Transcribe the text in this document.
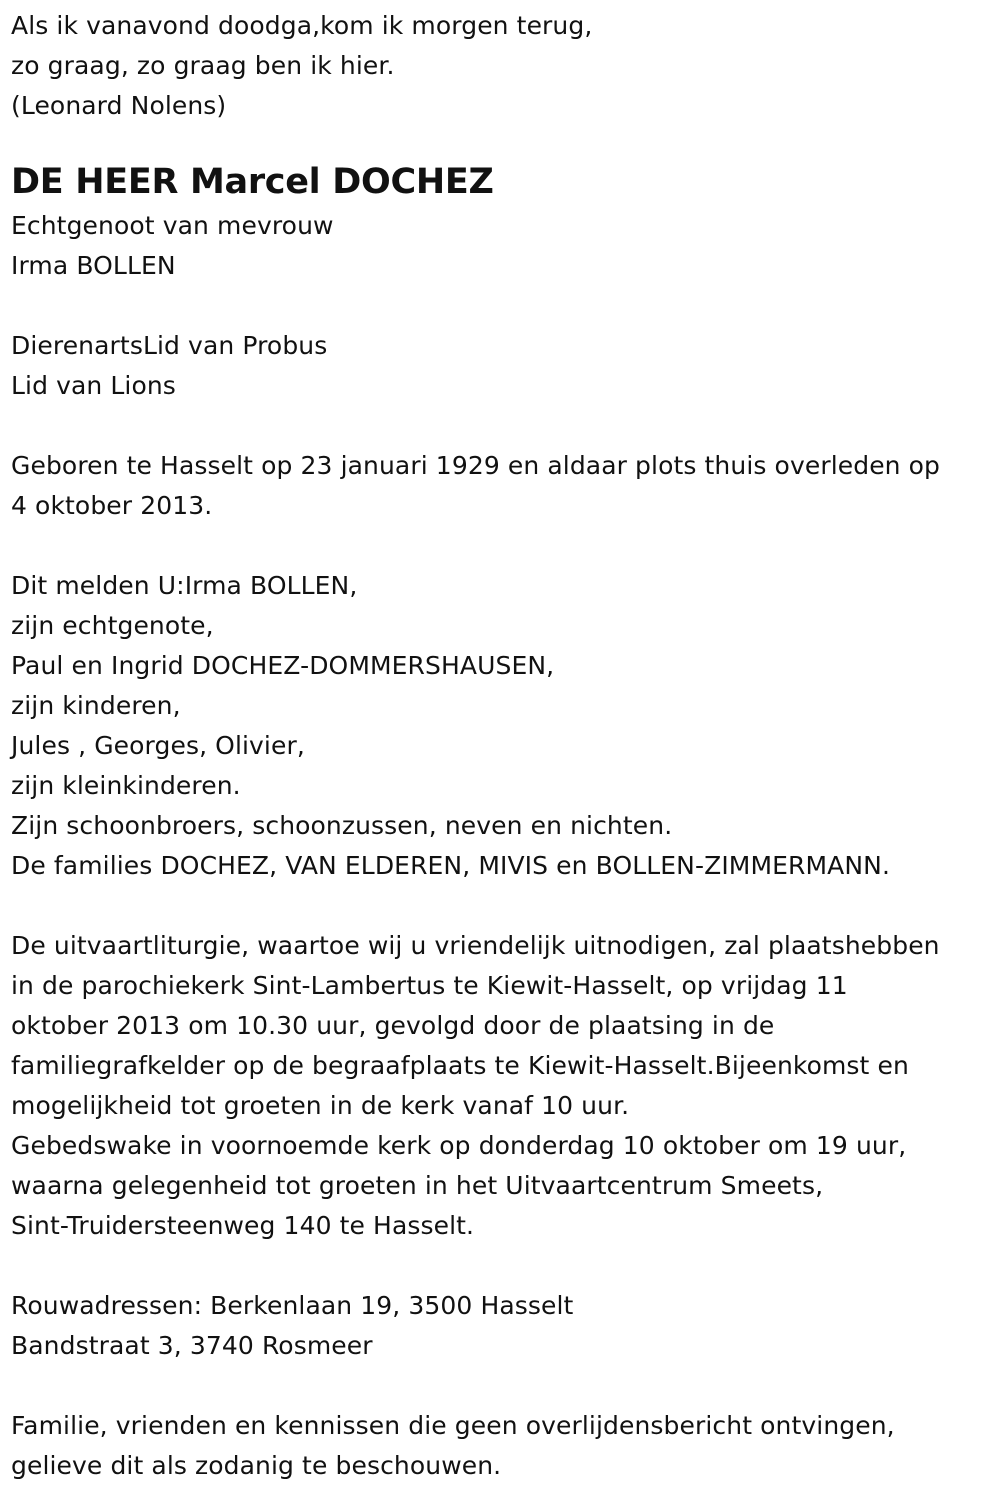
Als ik vanavond doodga,kom ik morgen terug,
zo graag, zo graag ben ik hier.
(Leonard Nolens)
DE HEER Marcel DOCHEZ
Echtgenoot van mevrouw
Irma BOLLEN
DierenartsLid van Probus
Lid van Lions
Geboren te Hasselt op 23 januari 1929 en aldaar plots thuis overleden op
4 oktober 2013.
Dit melden U:Irma BOLLEN,
zijn echtgenote,
Paul en Ingrid DOCHEZ-DOMMERSHAUSEN,
zijn kinderen,
Jules , Georges, Olivier,
zijn kleinkinderen.
Zijn schoonbroers, schoonzussen, neven en nichten.
De families DOCHEZ, VAN ELDEREN, MIVIS en BOLLEN-ZIMMERMANN.
De uitvaartliturgie, waartoe wij u vriendelijk uitnodigen, zal plaatshebben
in de parochiekerk Sint-Lambertus te Kiewit-Hasselt, op vrijdag 11
oktober 2013 om 10.30 uur, gevolgd door de plaatsing in de
familiegrafkelder op de begraafplaats te Kiewit-Hasselt.Bijeenkomst en
mogelijkheid tot groeten in de kerk vanaf 10 uur.
Gebedswake in voornoemde kerk op donderdag 10 oktober om 19 uur,
waarna gelegenheid tot groeten in het Uitvaartcentrum Smeets,
Sint-Truidersteenweg 140 te Hasselt.
Rouwadressen: Berkenlaan 19, 3500 Hasselt
Bandstraat 3, 3740 Rosmeer
Familie, vrienden en kennissen die geen overlijdensbericht ontvingen,
gelieve dit als zodanig te beschouwen.
